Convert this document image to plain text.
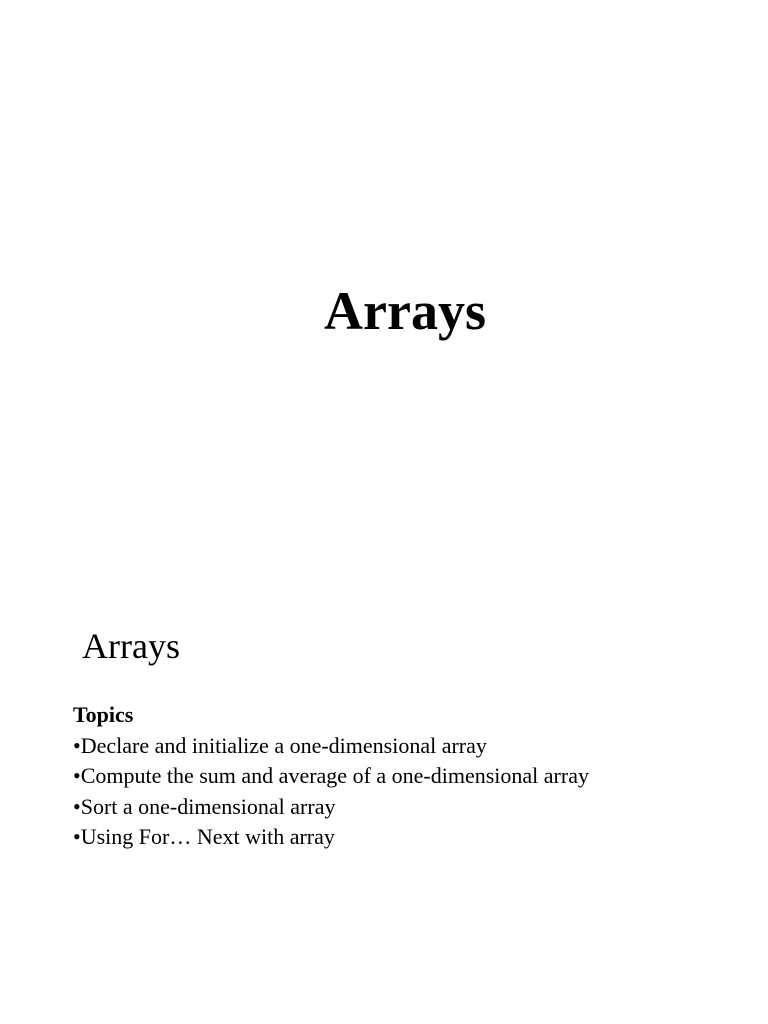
Arrays
Arrays

Topics

•Declare and initialize a one-dimensional array
•Compute the sum and average of a one-dimensional array
•Sort a one-dimensional array
•Using For… Next with array
